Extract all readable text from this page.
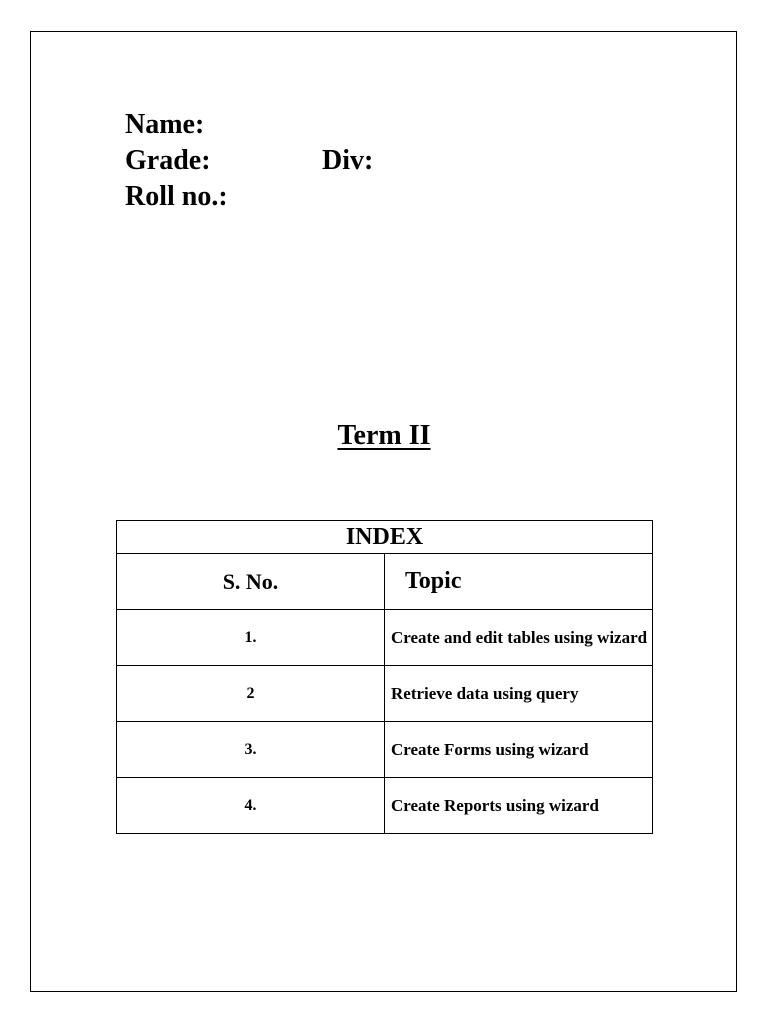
Name:
Grade:	Div:
Roll no.:
Term II
INDEX	
S. No.	Topic
1.	Create and edit tables using wizard
2	Retrieve data using query
3.	Create Forms using wizard
4.	Create Reports using wizard
